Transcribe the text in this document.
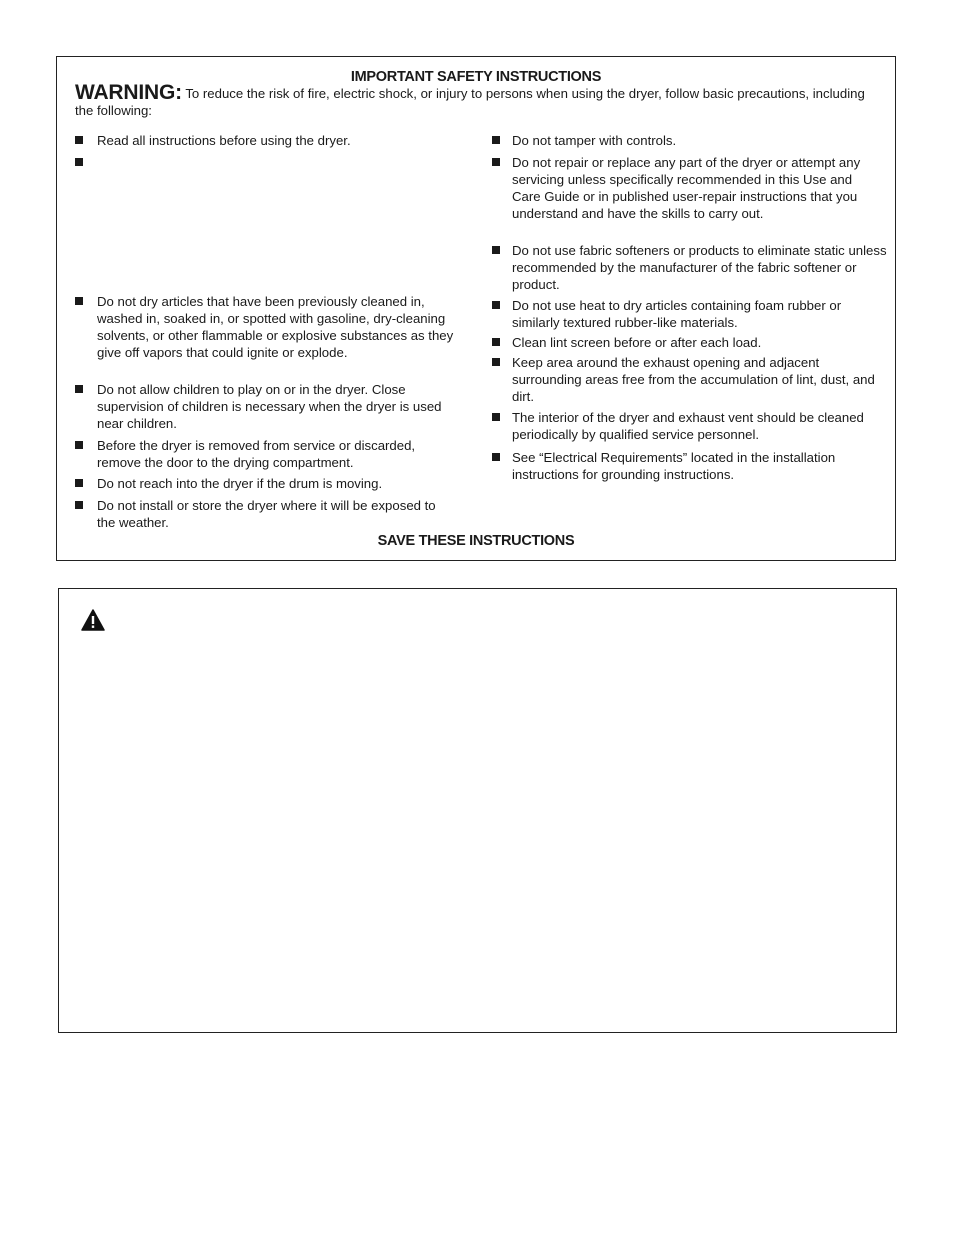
IMPORTANT SAFETY INSTRUCTIONS
WARNING: To reduce the risk of fire, electric shock, or injury to persons when using the dryer, follow basic precautions, including the following:
Read all instructions before using the dryer.
Do not dry articles that have been previously cleaned in, washed in, soaked in, or spotted with gasoline, dry-cleaning solvents, or other flammable or explosive substances as they give off vapors that could ignite or explode.
Do not allow children to play on or in the dryer. Close supervision of children is necessary when the dryer is used near children.
Before the dryer is removed from service or discarded, remove the door to the drying compartment.
Do not reach into the dryer if the drum is moving.
Do not install or store the dryer where it will be exposed to the weather.
Do not tamper with controls.
Do not repair or replace any part of the dryer or attempt any servicing unless specifically recommended in this Use and Care Guide or in published user-repair instructions that you understand and have the skills to carry out.
Do not use fabric softeners or products to eliminate static unless recommended by the manufacturer of the fabric softener or product.
Do not use heat to dry articles containing foam rubber or similarly textured rubber-like materials.
Clean lint screen before or after each load.
Keep area around the exhaust opening and adjacent surrounding areas free from the accumulation of lint, dust, and dirt.
The interior of the dryer and exhaust vent should be cleaned periodically by qualified service personnel.
See “Electrical Requirements” located in the installation instructions for grounding instructions.
SAVE THESE INSTRUCTIONS
